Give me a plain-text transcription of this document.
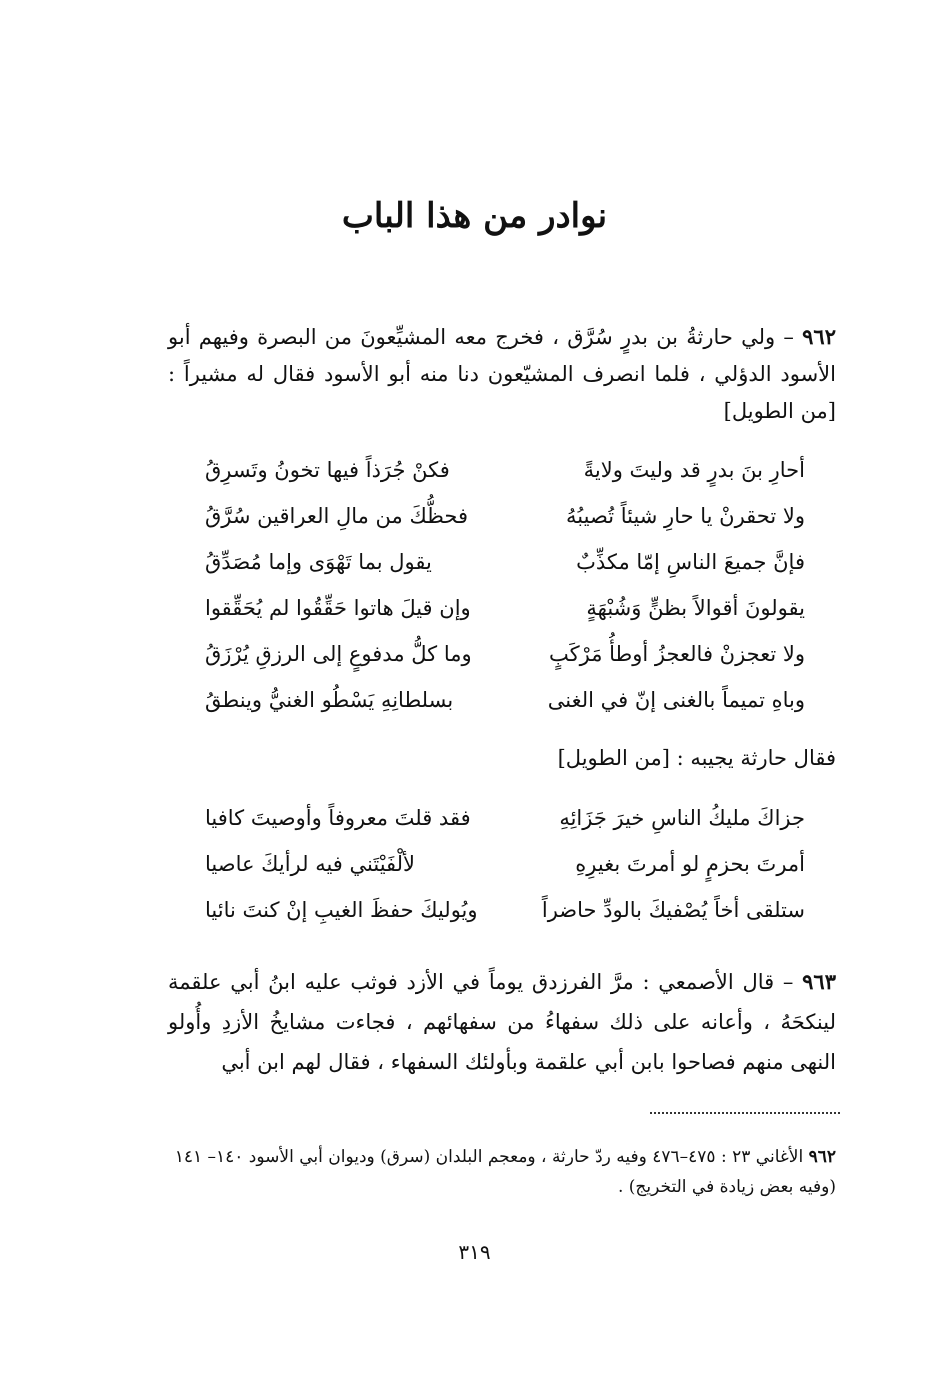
نوادر من هذا الباب
٩٦٢ – ولي حارثةُ بن بدرٍ سُرَّق ، فخرج معه المشيِّعونَ من البصرة وفيهم أبو الأسود الدؤلي ، فلما انصرف المشيّعون دنا منه أبو الأسود فقال له مشيراً : [من الطويل]
أحارِ بنَ بدرٍ قد وليتَ ولايةً
فكنْ جُرَذاً فيها تخونُ وتَسرِقُ
ولا تحقرنْ يا حارِ شيئاً تُصيبُهُ
فحظُّكَ من مالِ العراقين سُرَّقُ
فإنَّ جميعَ الناسِ إمّا مكذِّبٌ
يقول بما تَهْوَى وإما مُصَدِّقُ
يقولونَ أقوالاً بظنٍّ وَشُبْهَةٍ
وإن قيلَ هاتوا حَقِّقُوا لم يُحَقِّقوا
ولا تعجزنْ فالعجزُ أوطأُ مَرْكَبٍ
وما كلُّ مدفوعٍ إلى الرزقِ يُرْزَقُ
وباهِ تميماً بالغنى إنّ في الغنى
بسلطانِهِ يَسْطُو الغنيُّ وينطقُ
فقال حارثة يجيبه : [من الطويل]
جزاكَ مليكُ الناسِ خيرَ جَزَائِهِ
فقد قلتَ معروفاً وأوصيتَ كافيا
أمرتَ بحزمٍ لو أمرتَ بغيرِهِ
لألْفَيْتَني فيه لرأيكَ عاصيا
ستلقى أخاً يُصْفيكَ بالودِّ حاضراً
ويُوليكَ حفظَ الغيبِ إنْ كنتَ نائيا
٩٦٣ – قال الأصمعي : مرَّ الفرزدق يوماً في الأزد فوثب عليه ابنُ أبي علقمة لينكحَهُ ، وأعانه على ذلك سفهاءُ من سفهائهم ، فجاءت مشايخُ الأزدِ وأُولو النهى منهم فصاحوا بابن أبي علقمة وبأولئك السفهاء ، فقال لهم ابن أبي
٩٦٢ الأغاني ٢٣ : ٤٧٥–٤٧٦ وفيه ردّ حارثة ، ومعجم البلدان (سرق) وديوان أبي الأسود ١٤٠– ١٤١ (وفيه بعض زيادة في التخريج) .
٣١٩
